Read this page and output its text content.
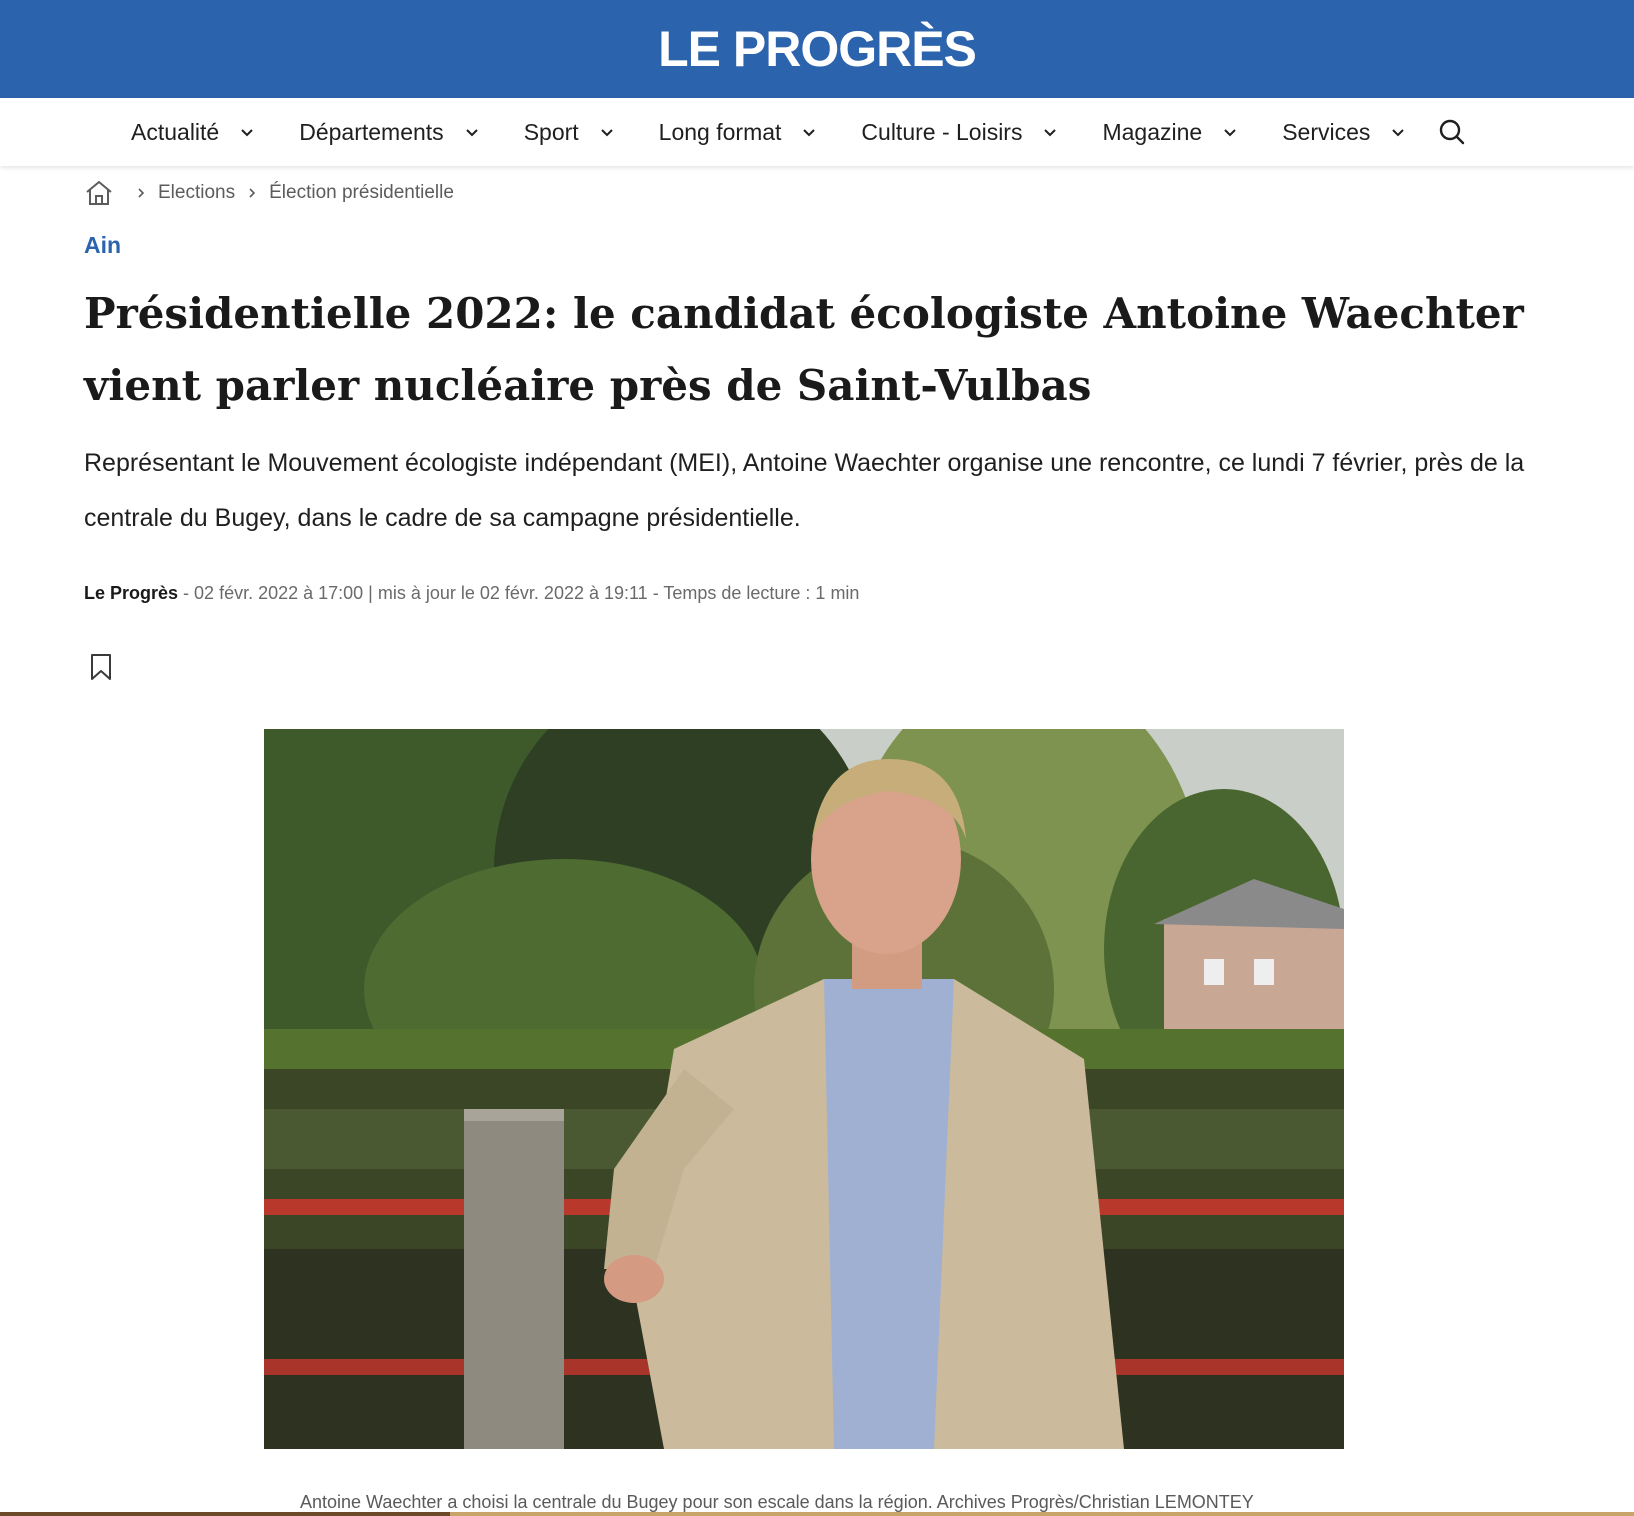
LE PROGRÈS
Actualité	Départements	Sport	Long format	Culture - Loisirs	Magazine	Services
Elections Élection présidentielle
Ain
Présidentielle 2022: le candidat écologiste Antoine Waechter vient parler nucléaire près de Saint-Vulbas

Représentant le Mouvement écologiste indépendant (MEI), Antoine Waechter organise une rencontre, ce lundi 7 février, près de la centrale du Bugey, dans le cadre de sa campagne présidentielle.

Le Progrès - 02 févr. 2022 à 17:00 | mis à jour le 02 févr. 2022 à 19:11 - Temps de lecture : 1 min
Antoine Waechter a choisi la centrale du Bugey pour son escale dans la région. Archives Progrès/Christian LEMONTEY
